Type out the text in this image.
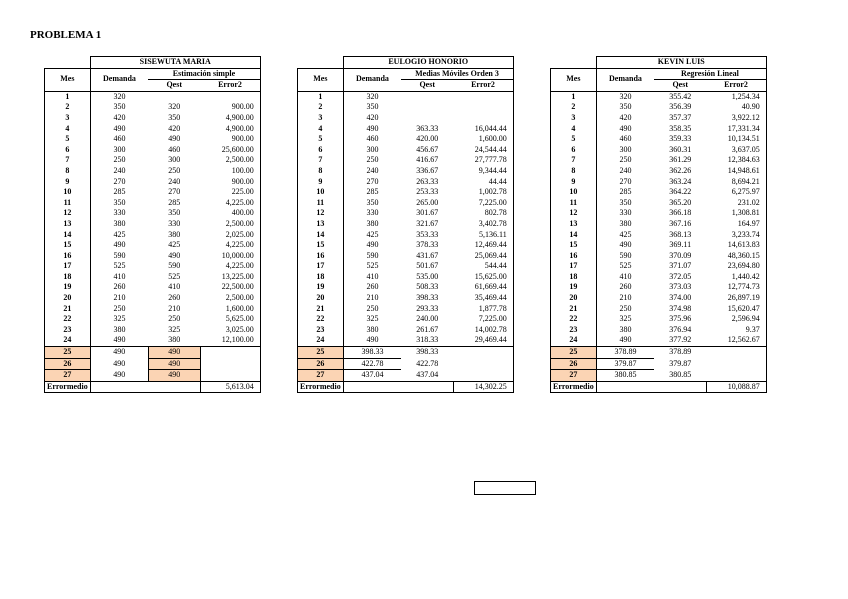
PROBLEMA 1
	SISEWUTA MARIA		
Mes	Demanda	Estimación simple	
		Qest	Error2
1	320		
2	350	320	900.00
3	420	350	4,900.00
4	490	420	4,900.00
5	460	490	900.00
6	300	460	25,600.00
7	250	300	2,500.00
8	240	250	100.00
9	270	240	900.00
10	285	270	225.00
11	350	285	4,225.00
12	330	350	400.00
13	380	330	2,500.00
14	425	380	2,025.00
15	490	425	4,225.00
16	590	490	10,000.00
17	525	590	4,225.00
18	410	525	13,225.00
19	260	410	22,500.00
20	210	260	2,500.00
21	250	210	1,600.00
22	325	250	5,625.00
23	380	325	3,025.00
24	490	380	12,100.00
25	490	490	
26	490	490	
27	490	490	
Errormedio			5,613.04
	EULOGIO HONORIO		
Mes	Demanda	Medias Móviles Orden 3	
		Qest	Error2
1	320		
2	350		
3	420		
4	490	363.33	16,044.44
5	460	420.00	1,600.00
6	300	456.67	24,544.44
7	250	416.67	27,777.78
8	240	336.67	9,344.44
9	270	263.33	44.44
10	285	253.33	1,002.78
11	350	265.00	7,225.00
12	330	301.67	802.78
13	380	321.67	3,402.78
14	425	353.33	5,136.11
15	490	378.33	12,469.44
16	590	431.67	25,069.44
17	525	501.67	544.44
18	410	535.00	15,625.00
19	260	508.33	61,669.44
20	210	398.33	35,469.44
21	250	293.33	1,877.78
22	325	240.00	7,225.00
23	380	261.67	14,002.78
24	490	318.33	29,469.44
25	398.33	398.33	
26	422.78	422.78	
27	437.04	437.04	
Errormedio			14,302.25
	KEVIN LUIS		
Mes	Demanda	Regresión Lineal	
		Qest	Error2
1	320	355.42	1,254.34
2	350	356.39	40.90
3	420	357.37	3,922.12
4	490	358.35	17,331.34
5	460	359.33	10,134.51
6	300	360.31	3,637.05
7	250	361.29	12,384.63
8	240	362.26	14,948.61
9	270	363.24	8,694.21
10	285	364.22	6,275.97
11	350	365.20	231.02
12	330	366.18	1,308.81
13	380	367.16	164.97
14	425	368.13	3,233.74
15	490	369.11	14,613.83
16	590	370.09	48,360.15
17	525	371.07	23,694.80
18	410	372.05	1,440.42
19	260	373.03	12,774.73
20	210	374.00	26,897.19
21	250	374.98	15,620.47
22	325	375.96	2,596.94
23	380	376.94	9.37
24	490	377.92	12,562.67
25	378.89	378.89	
26	379.87	379.87	
27	380.85	380.85	
Errormedio			10,088.87
